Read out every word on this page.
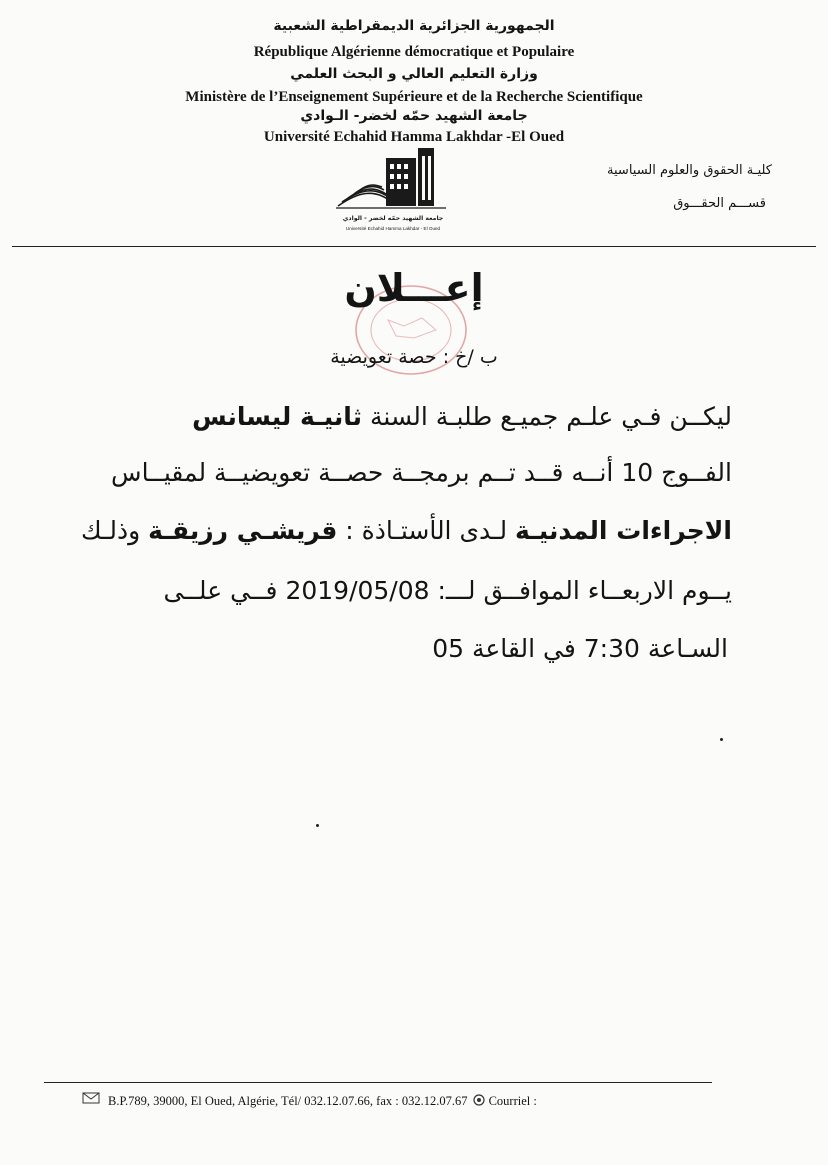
الجمهورية الجزائرية الديمقراطية الشعبية
République Algérienne démocratique et Populaire
وزارة التعليم العالي و البحث العلمي
Ministère de l’Enseignement Supérieure et de la Recherche Scientifique
جامعة الشهيد حمّه لخضر- الـوادي
Université Echahid Hamma Lakhdar -El Oued
كليـة الحقوق والعلوم السياسية
قســـم الحقـــوق
جامعة الشهيد حمّه لخضر - الوادي
Université Echahid Hamma Lakhdar - El Oued
إعـــلان
ب /خ : حصة تعويضية
ليكــن فـي علـم جميـع طلبـة السنة ثانيـة ليسانس
الفــوج 10 أنــه قــد تــم برمجــة حصــة تعويضيــة لمقيــاس
الاجراءات المدنيـة لـدى الأستـاذة : قريشـي رزيقـة وذلـك
يــوم الاربعــاء الموافــق لـــ: 2019/05/08 فــي علــى
السـاعة 7:30 في القاعة 05
B.P.789, 39000, El Oued, Algérie, Tél/ 032.12.07.66, fax : 032.12.07.67 Courriel :
